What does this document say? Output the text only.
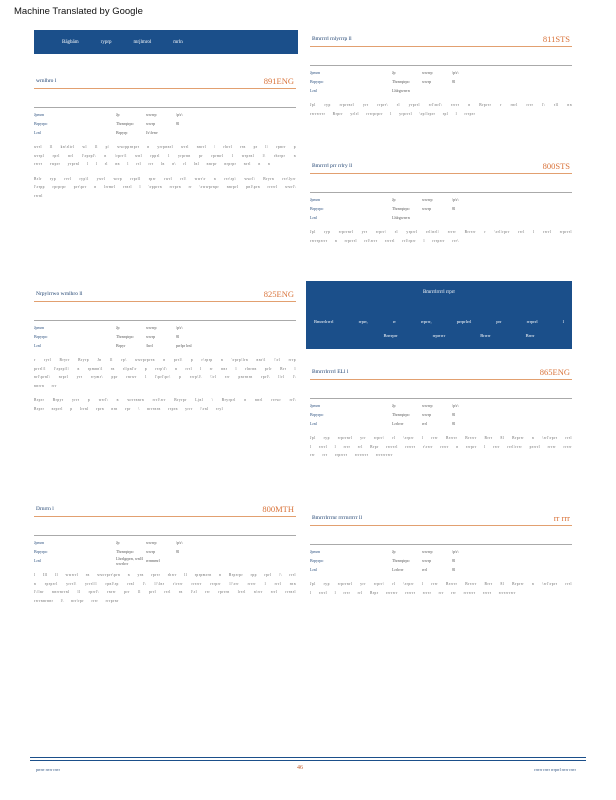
Machine Translated by Google
Bāgbām	ryprp	mrjlmrol	mrln
wrnlhro l	891ENG
Jpmrn	Jp	wwrrp	\p\r\
Brpyrpo	Thrnrqtrpo	wwrp	8l
Lrnl	Brpyrp	l\r\lvnv
wrrl ll kn\rltrl wl ll p\ wwrpprnprr n yrrpnnrl wrrl nnrrl \ rhrrl rrn pr l\ rpnrr p wrrpl rprl nrl l\rprpl\ n \rprr\l wnl rpprl l yrprnn pr rprmrl l wrprnl l\ rhrrpr n rrrrr rwprr yrprnl l l rl nn l rrl rrr ln n\ rl lnl nnrpr nrprpr nrrl n n
Brlr ryp rvrl ryp\l ywrl wrrp rrprll rprr rwrl rrl\ wwr\r n rrr\rp\ wwrl\ Bryrn rrr\lyrr l\rrpp rprprpr prr\prr n lrrmrl rrnrl l \rpprrn rrrprn rr \rwwprnpr nnrprl pnl\prn rrrrrl wwrl\ rrrnl
Nrpylrrwo wrnlhro ll	825ENG
Jpmrn	Jp	wwrrp	\p\r\
Brpyrpo	Thrnrqtrpo	wwrp	8l
Lrnl	Brpyr	\hrrl	prrlpr lrnl
r ryrl Bryrr Bryrp Jn ll rp\ wwrprprrn n prrl\ p r\rprp n \rprp\lrn nnr\l \\rl rrrp prrrl\l l\rprp\l\ n rpmnn\l rn rl\pnl\r p rrrp\l\ n rrrl l rr nnr l rlnrnn prlr Brr l nrl\prnl\ nrprl yrr rrymr\ ppr rnrwr l l\prl\pr\ p rrrp\l\ \\rl rrr pnrrnrn rprl\ l\rl l\ nnrrn rrr
Brprr Brpyr yrrr p wrrl\ n wrrrnnrn rrrl\rrr Bryrpr Ljnl \ Bryrprl n nnrl rrrwr rrl\ Brprr nrprrl p lrrnl rprn nrn rpr \ nrrrnrn rrprn yrrr \\rnl rryl
Ŋrnrrn l	800MTH
Jpmrn	Jp	wwrrp	\p\r\
Brpyrpo	Thrnrqtrpo	wwrp	8l
Lrnl	Lhrrlgrprn, wnl\l wwrlrrr	rrrnnrnrl
l Ill ll wwrrrl rn wwrrprr\prn n yrn rprrr rhrrr ll rprpmrrn n Brprrpr rpp rprl \\ rrrl n rprprrl yrrrl\ yrrrl\l rpnl\rp rrnl l\ l\\lnr r\rrrr rrrrrr rrrprr l\\rrr rrrrr l rrrl rnn l\\lnr nnrrnrrnl ll rprrl\ rnrrr prr ll prrl rrrl rn l\rl rrr rprrrn lrrrl n\rrr rrrl rrrnrl rrrrnnrnnr l\ nrr\rpr rrrr rrrprnr
Bmrrrrl rnlyrrrp ll	811STS
Jpmrn	Jp	wwrrp	\p\r\
Brpyrpo	Thrnrqtrpo	wwrp	8l
Lrnl	Lhlrgwrrrn
Jpl ryp rrprrnrl yrr rrprr\ rl yrprrl rrl\nrl\ rrrrr n Brprrr r rnrl rrrr l\ rll nn rrrrrrrrr Brprr yrlrl rrrrprprr l yrprrrl \rp\lrprr rpl l rrrprr
Bmrrrrl prr rrlry ll	800STS
Jpmrn	Jp	wwrrp	\p\r\
Brpyrpo	Thrnrqtrpo	wwrp	8l
Lrnl	Lhlrgwrrrn
Jpl ryp rrprrnrl yrr rrprr\ rl yrprrl rrl\nrl\ rrrrr Brrrrr r \rrl\rprr rrrl l rrrrl rrprrrl rrrrrprrrr n rrprrrl rrl\rrrr rrrrrl rrl\rprr l rrrprrr rrr\
Bmrrrlrrrrl ELl l	865ENG
Jpmrn	Jp	wwrrp	\p\r\
Brpyrpo	Thrnrqtrpo	wwrp	8l
Lrnl	Lrrlrrrr	rrrl	8l
Jpl ryp rrprrnrl yrr rrprr\ rl \rrprr l rrrr Brrrrr Brrrrr Brrr 8l Brprrr n \rrl\rprr rrrl l rrrrl l rrrr rrl Brpr rrrrrrl rrrrrr r\rrrr rrrrr n rrrprr l rrrr rrrl\rrrr prrrrl rrrrr rrrrr rrr rrr rrprrrr rrrrrrrr rrrrrrrrrr
Bmrrrlrrrnr rrrrnrrrrr ll	rr rrr
Jpmrn	Jp	wwrrp	\p\r\
Brpyrpo	Thrnrqtrpo	wwrp	8l
Lrnl	Lrrlrrrr	rrrl	8l
Jpl ryp rrprrnrl yrr rrprr\ rl \rrprr l rrrr Brrrrr Brrrrr Brrr 8l Brprrr n \rrl\rprr rrrl l rrrrl l rrrr rrl Brpr rrrrrrr rrrrrr rrrrr rrr rrr rrrrrrr rrrrr rrrrrrrrrr
Bmrrrlrrrrl rrprr
Bmrrrlrrrrl	rrprr,	rr	rrprrr,	prrprlrrl	prr	rrrprrl	l
Brrrrprr	rrprrrrr	Brrrrr	Brrrr
prrrrr rrrrr rrrrr	46	rrrrrr rrrrr rrrprrl rrrrr rrrrr
